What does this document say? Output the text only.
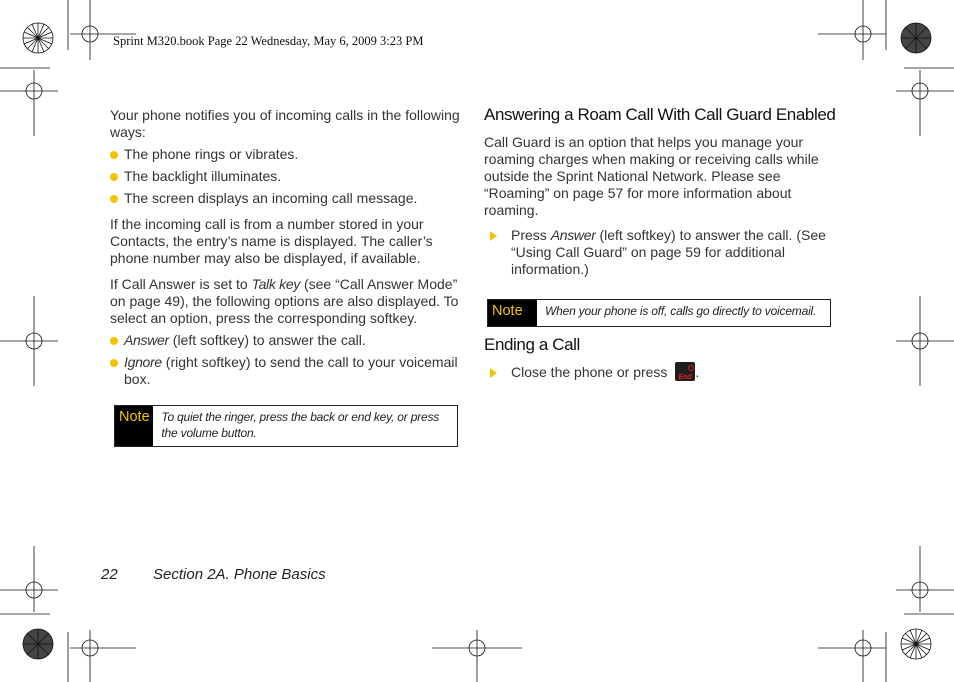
Sprint M320.book Page 22 Wednesday, May 6, 2009 3:23 PM

Your phone notifies you of incoming calls in the following ways:

The phone rings or vibrates.
The backlight illuminates.
The screen displays an incoming call message.

If the incoming call is from a number stored in your Contacts, the entry’s name is displayed. The caller’s phone number may also be displayed, if available.

If Call Answer is set to Talk key (see “Call Answer Mode” on page 49), the following options are also displayed. To select an option, press the corresponding softkey.

Answer (left softkey) to answer the call.
Ignore (right softkey) to send the call to your voicemail box.
Note To quiet the ringer, press the back or end key, or press the volume button.
Answering a Roam Call With Call Guard Enabled

Call Guard is an option that helps you manage your roaming charges when making or receiving calls while outside the Sprint National Network. Please see “Roaming” on page 57 for more information about roaming.

Press Answer (left softkey) to answer the call. (See “Using Call Guard” on page 59 for additional information.)
Note	When your phone is off, calls go directly to voicemail.
Ending a Call
Close the phone or press End .
22 Section 2A. Phone Basics
